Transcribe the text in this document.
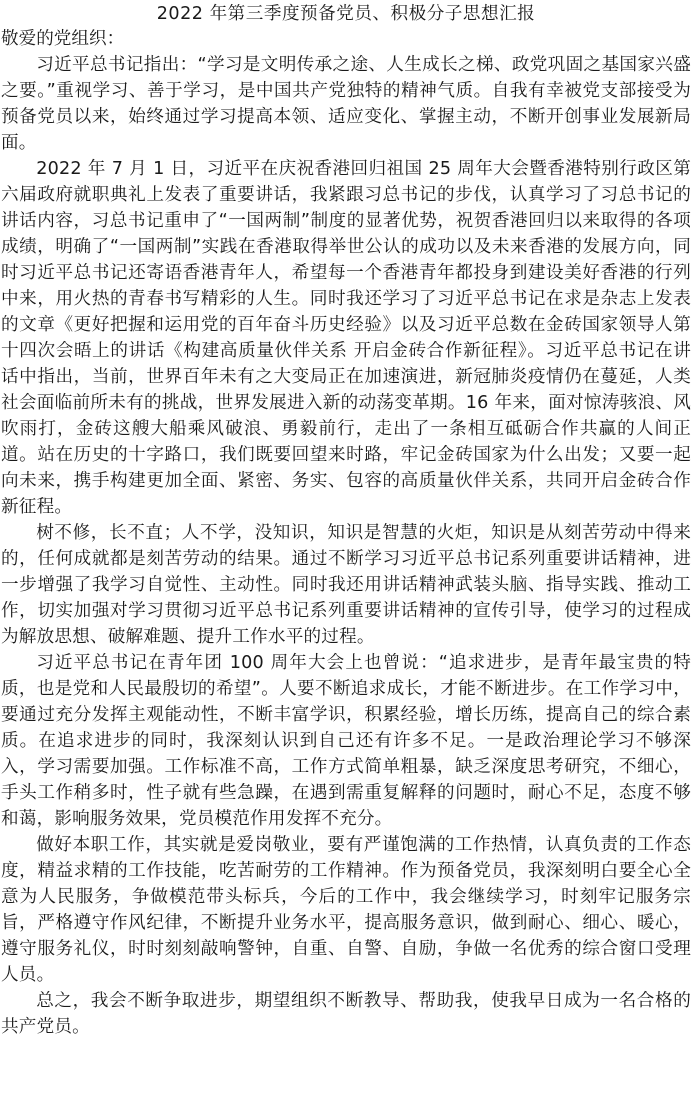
2022 年第三季度预备党员、积极分子思想汇报

敬爱的党组织：

习近平总书记指出：“学习是文明传承之途、人生成长之梯、政党巩固之基国家兴盛之要。”重视学习、善于学习，是中国共产党独特的精神气质。自我有幸被党支部接受为预备党员以来，始终通过学习提高本领、适应变化、掌握主动，不断开创事业发展新局面。

2022 年 7 月 1 日，习近平在庆祝香港回归祖国 25 周年大会暨香港特别行政区第六届政府就职典礼上发表了重要讲话，我紧跟习总书记的步伐，认真学习了习总书记的讲话内容，习总书记重申了“一国两制”制度的显著优势，祝贺香港回归以来取得的各项成绩，明确了“一国两制”实践在香港取得举世公认的成功以及未来香港的发展方向，同时习近平总书记还寄语香港青年人，希望每一个香港青年都投身到建设美好香港的行列中来，用火热的青春书写精彩的人生。同时我还学习了习近平总书记在求是杂志上发表的文章《更好把握和运用党的百年奋斗历史经验》以及习近平总数在金砖国家领导人第十四次会晤上的讲话《构建高质量伙伴关系 开启金砖合作新征程》。习近平总书记在讲话中指出，当前，世界百年未有之大变局正在加速演进，新冠肺炎疫情仍在蔓延，人类社会面临前所未有的挑战，世界发展进入新的动荡变革期。16 年来，面对惊涛骇浪、风吹雨打，金砖这艘大船乘风破浪、勇毅前行，走出了一条相互砥砺合作共赢的人间正道。站在历史的十字路口，我们既要回望来时路，牢记金砖国家为什么出发；又要一起向未来，携手构建更加全面、紧密、务实、包容的高质量伙伴关系，共同开启金砖合作新征程。

树不修，长不直；人不学，没知识，知识是智慧的火炬，知识是从刻苦劳动中得来的，任何成就都是刻苦劳动的结果。通过不断学习习近平总书记系列重要讲话精神，进一步增强了我学习自觉性、主动性。同时我还用讲话精神武装头脑、指导实践、推动工作，切实加强对学习贯彻习近平总书记系列重要讲话精神的宣传引导，使学习的过程成为解放思想、破解难题、提升工作水平的过程。

习近平总书记在青年团 100 周年大会上也曾说：“追求进步，是青年最宝贵的特质，也是党和人民最殷切的希望”。人要不断追求成长，才能不断进步。在工作学习中，要通过充分发挥主观能动性，不断丰富学识，积累经验，增长历练，提高自己的综合素质。在追求进步的同时，我深刻认识到自己还有许多不足。一是政治理论学习不够深入，学习需要加强。工作标准不高，工作方式简单粗暴，缺乏深度思考研究，不细心，手头工作稍多时，性子就有些急躁，在遇到需重复解释的问题时，耐心不足，态度不够和蔼，影响服务效果，党员模范作用发挥不充分。

做好本职工作，其实就是爱岗敬业，要有严谨饱满的工作热情，认真负责的工作态度，精益求精的工作技能，吃苦耐劳的工作精神。作为预备党员，我深刻明白要全心全意为人民服务，争做模范带头标兵，今后的工作中，我会继续学习，时刻牢记服务宗旨，严格遵守作风纪律，不断提升业务水平，提高服务意识，做到耐心、细心、暖心，遵守服务礼仪，时时刻刻敲响警钟，自重、自警、自励，争做一名优秀的综合窗口受理人员。

总之，我会不断争取进步，期望组织不断教导、帮助我，使我早日成为一名合格的共产党员。
